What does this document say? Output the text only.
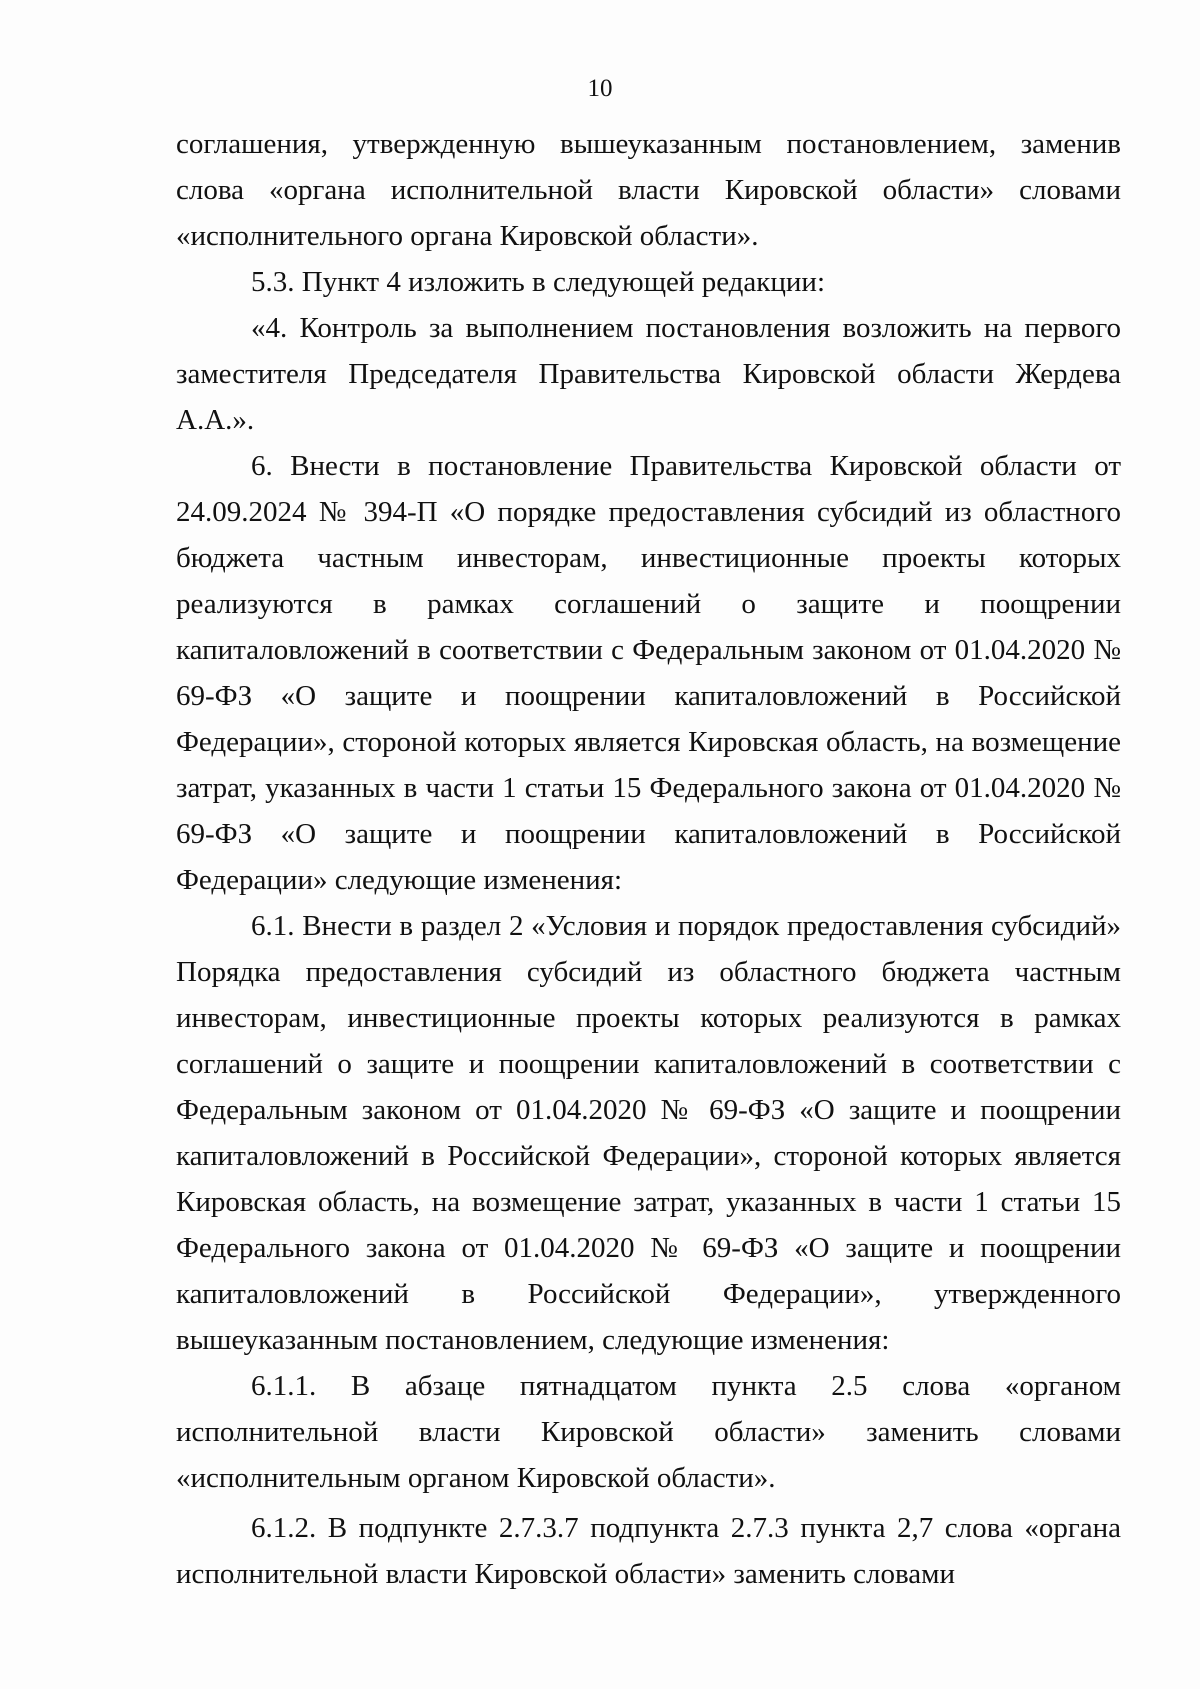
10

соглашения, утвержденную вышеуказанным постановлением, заменив слова «органа исполнительной власти Кировской области» словами «исполнительного органа Кировской области».

5.3. Пункт 4 изложить в следующей редакции:

«4. Контроль за выполнением постановления возложить на первого заместителя Председателя Правительства Кировской области Жердева А.А.».

6. Внести в постановление Правительства Кировской области от 24.09.2024 № 394-П «О порядке предоставления субсидий из областного бюджета частным инвесторам, инвестиционные проекты которых реализуются в рамках соглашений о защите и поощрении капиталовложений в соответствии с Федеральным законом от 01.04.2020 № 69-ФЗ «О защите и поощрении капиталовложений в Российской Федерации», стороной которых является Кировская область, на возмещение затрат, указанных в части 1 статьи 15 Федерального закона от 01.04.2020 № 69-ФЗ «О защите и поощрении капиталовложений в Российской Федерации» следующие изменения:

6.1. Внести в раздел 2 «Условия и порядок предоставления субсидий» Порядка предоставления субсидий из областного бюджета частным инвесторам, инвестиционные проекты которых реализуются в рамках соглашений о защите и поощрении капиталовложений в соответствии с Федеральным законом от 01.04.2020 № 69-ФЗ «О защите и поощрении капиталовложений в Российской Федерации», стороной которых является Кировская область, на возмещение затрат, указанных в части 1 статьи 15 Федерального закона от 01.04.2020 № 69-ФЗ «О защите и поощрении капиталовложений в Российской Федерации», утвержденного вышеуказанным постановлением, следующие изменения:

6.1.1. В абзаце пятнадцатом пункта 2.5 слова «органом исполнительной власти Кировской области» заменить словами «исполнительным органом Кировской области».

6.1.2. В подпункте 2.7.3.7 подпункта 2.7.3 пункта 2,7 слова «органа исполнительной власти Кировской области» заменить словами
